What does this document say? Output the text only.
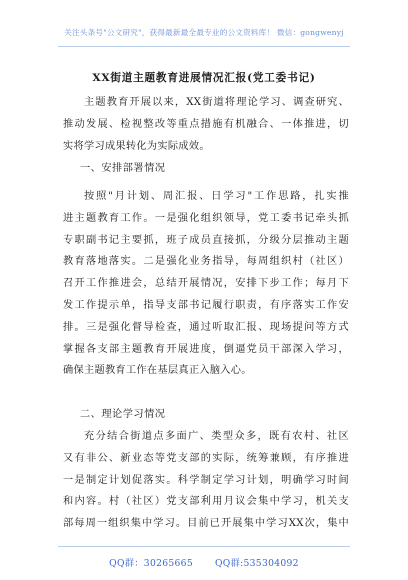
关注头条号"公文研究"，获得最新最全最专业的公文资料库！ 微信：gongwenyj
XX街道主题教育进展情况汇报(党工委书记)

主题教育开展以来，XX街道将理论学习、调查研究、
推动发展、检视整改等重点措施有机融合、一体推进，切
实将学习成果转化为实际成效。

一、安排部署情况

按照"月计划、周汇报、日学习"工作思路，扎实推
进主题教育工作。一是强化组织领导，党工委书记牵头抓
专职副书记主要抓，班子成员直接抓，分级分层推动主题
教育落地落实。二是强化业务指导，每周组织村（社区）
召开工作推进会，总结开展情况，安排下步工作；每月下
发工作提示单，指导支部书记履行职责，有序落实工作安
排。三是强化督导检查，通过听取汇报、现场提问等方式
掌握各支部主题教育开展进度，倒逼党员干部深入学习，
确保主题教育工作在基层真正入脑入心。

二、理论学习情况

充分结合街道点多面广、类型众多，既有农村、社区
又有非公、新业态等党支部的实际，统筹兼顾，有序推进
一是制定计划促落实。科学制定学习计划，明确学习时间
和内容。村（社区）党支部利用月议会集中学习，机关支
部每周一组织集中学习。目前已开展集中学习XX次，集中

QQ群：30265665 QQ群:535304092
